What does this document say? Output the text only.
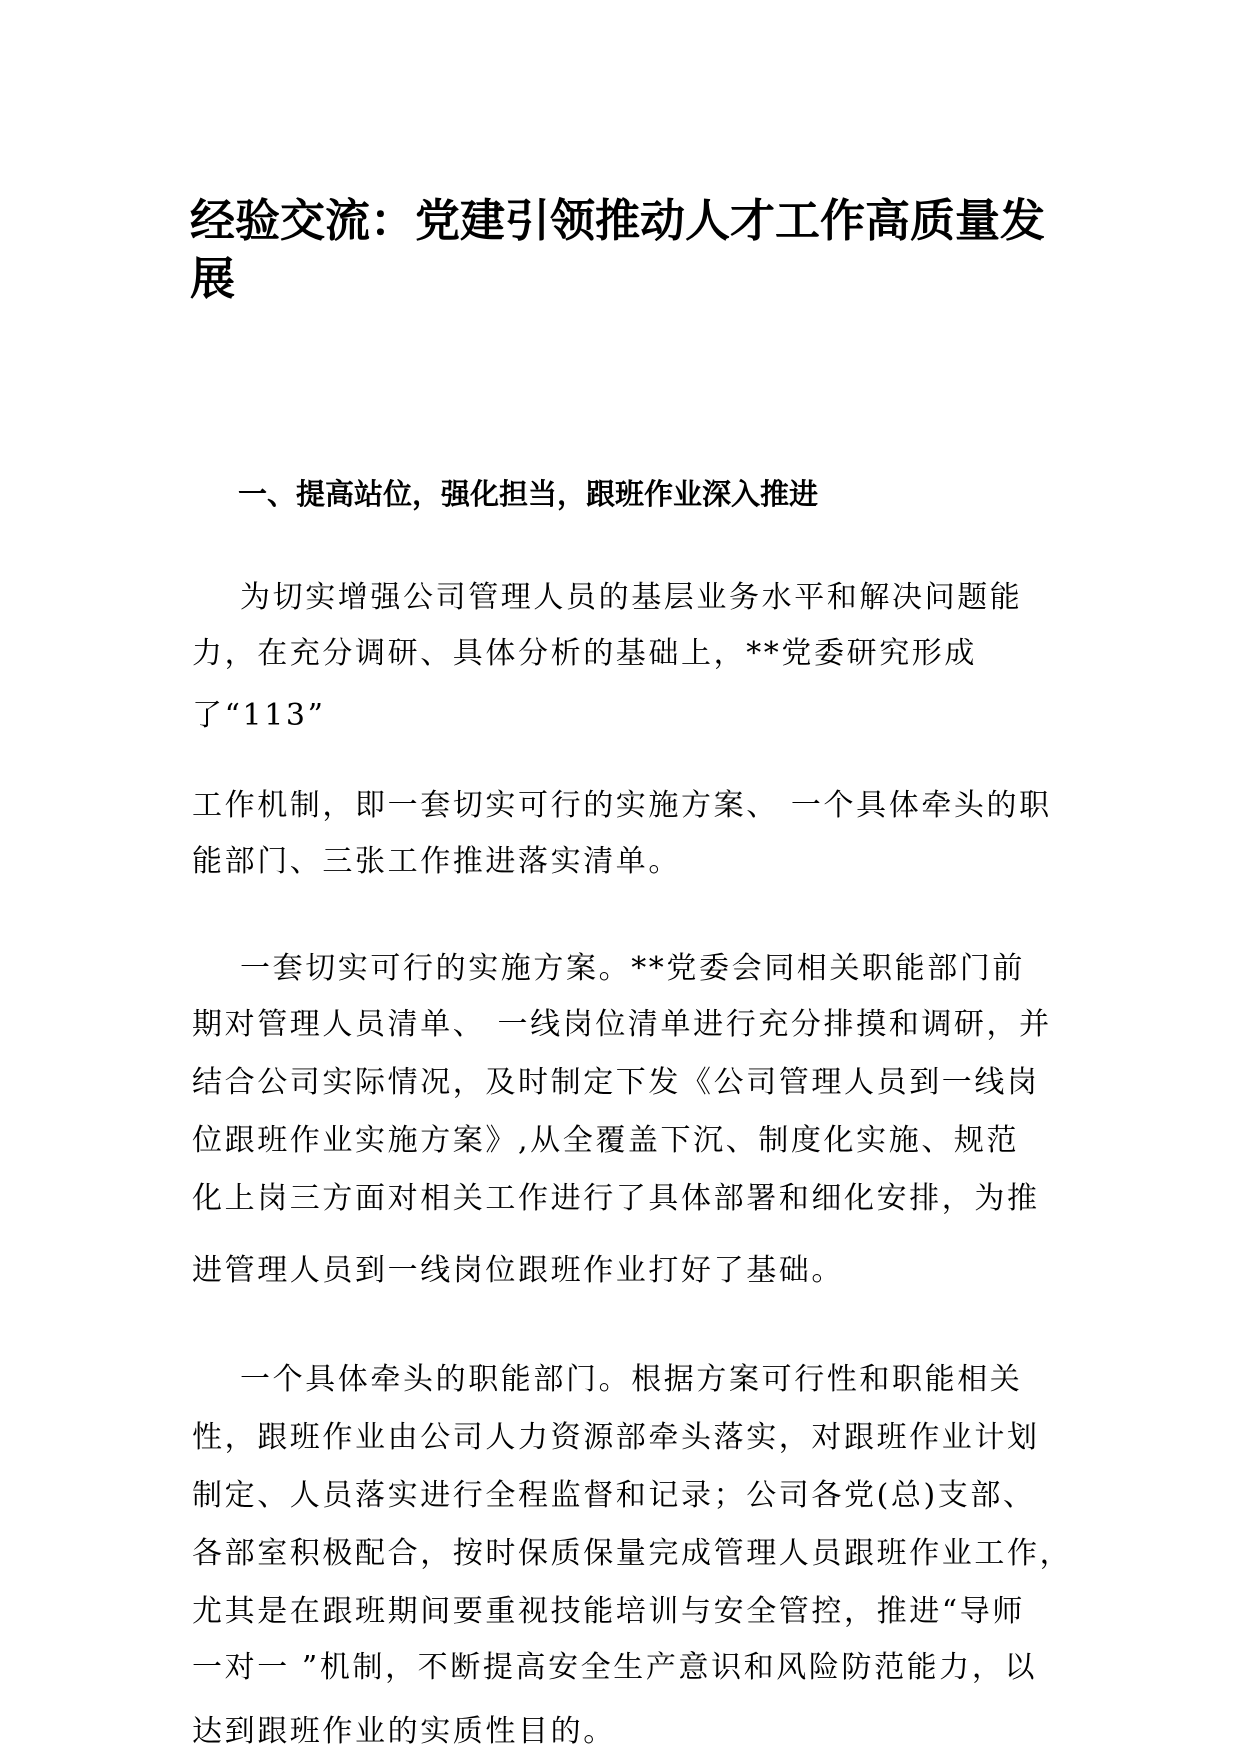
经验交流：党建引领推动人才工作高质量发展
一、提高站位，强化担当，跟班作业深入推进

为切实增强公司管理人员的基层业务水平和解决问题能

力，在充分调研、具体分析的基础上，**党委研究形成

了“113”

工作机制，即一套切实可行的实施方案、 一个具体牵头的职

能部门、三张工作推进落实清单。

一套切实可行的实施方案。**党委会同相关职能部门前

期对管理人员清单、 一线岗位清单进行充分排摸和调研，并

结合公司实际情况，及时制定下发《公司管理人员到一线岗

位跟班作业实施方案》,从全覆盖下沉、制度化实施、规范

化上岗三方面对相关工作进行了具体部署和细化安排，为推

进管理人员到一线岗位跟班作业打好了基础。

一个具体牵头的职能部门。根据方案可行性和职能相关

性，跟班作业由公司人力资源部牵头落实，对跟班作业计划

制定、人员落实进行全程监督和记录；公司各党(总)支部、

各部室积极配合，按时保质保量完成管理人员跟班作业工作，

尤其是在跟班期间要重视技能培训与安全管控，推进“导师

一对一 ”机制，不断提高安全生产意识和风险防范能力，以

达到跟班作业的实质性目的。
